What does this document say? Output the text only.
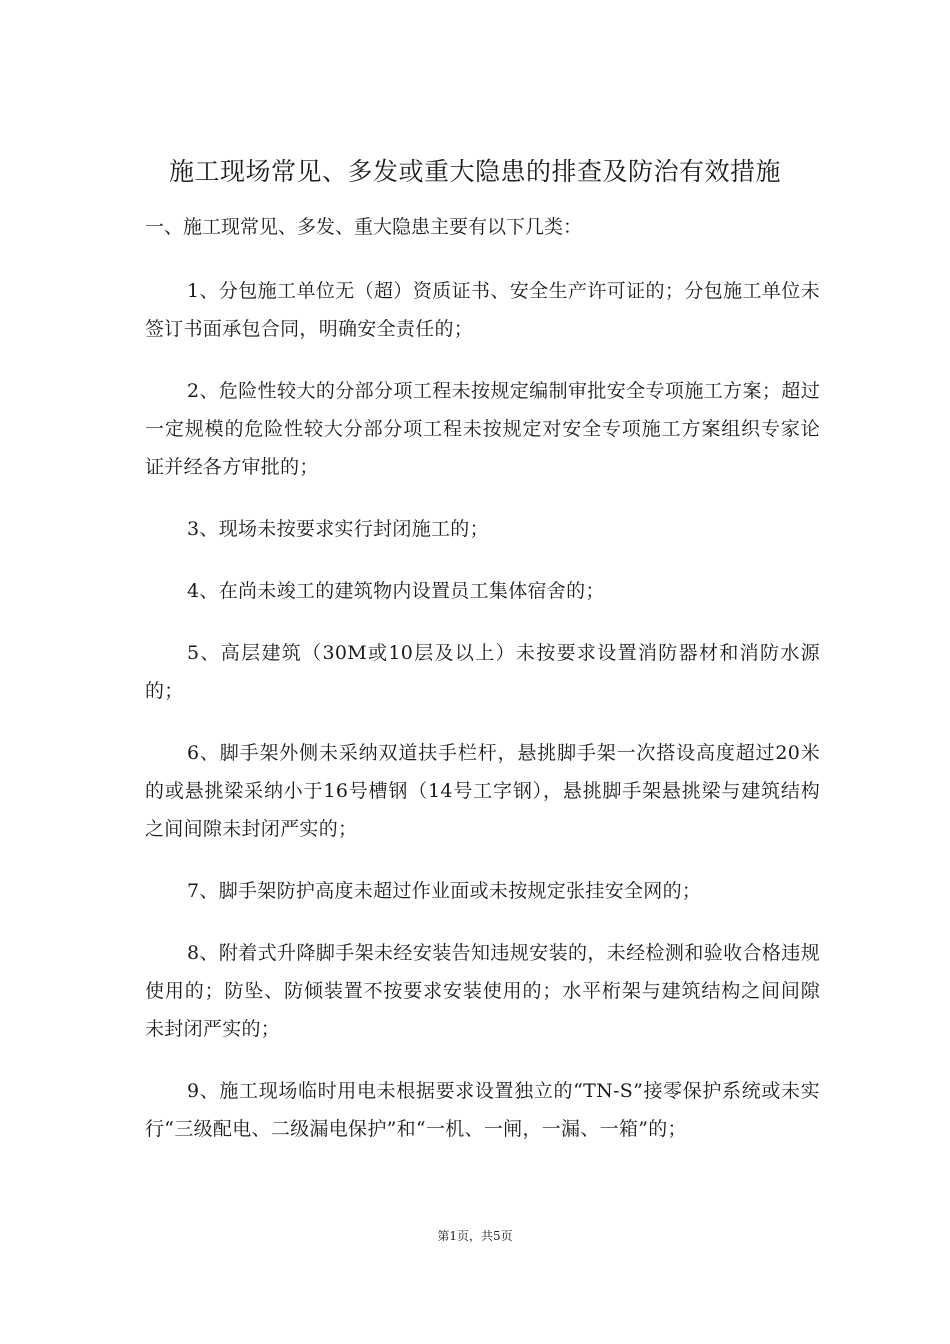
施工现场常见、多发或重大隐患的排查及防治有效措施
一、施工现常见、多发、重大隐患主要有以下几类：

1、分包施工单位无（超）资质证书、安全生产许可证的；分包施工单位未签订书面承包合同，明确安全责任的；

2、危险性较大的分部分项工程未按规定编制审批安全专项施工方案；超过一定规模的危险性较大分部分项工程未按规定对安全专项施工方案组织专家论证并经各方审批的；

3、现场未按要求实行封闭施工的；

4、在尚未竣工的建筑物内设置员工集体宿舍的；

5、高层建筑（30M或10层及以上）未按要求设置消防器材和消防水源的；

6、脚手架外侧未采纳双道扶手栏杆，悬挑脚手架一次搭设高度超过20米的或悬挑梁采纳小于16号槽钢（14号工字钢），悬挑脚手架悬挑梁与建筑结构之间间隙未封闭严实的；

7、脚手架防护高度未超过作业面或未按规定张挂安全网的；

8、附着式升降脚手架未经安装告知违规安装的，未经检测和验收合格违规使用的；防坠、防倾装置不按要求安装使用的；水平桁架与建筑结构之间间隙未封闭严实的；

9、施工现场临时用电未根据要求设置独立的“TN-S”接零保护系统或未实行“三级配电、二级漏电保护”和“一机、一闸，一漏、一箱”的；

第1页，共5页
